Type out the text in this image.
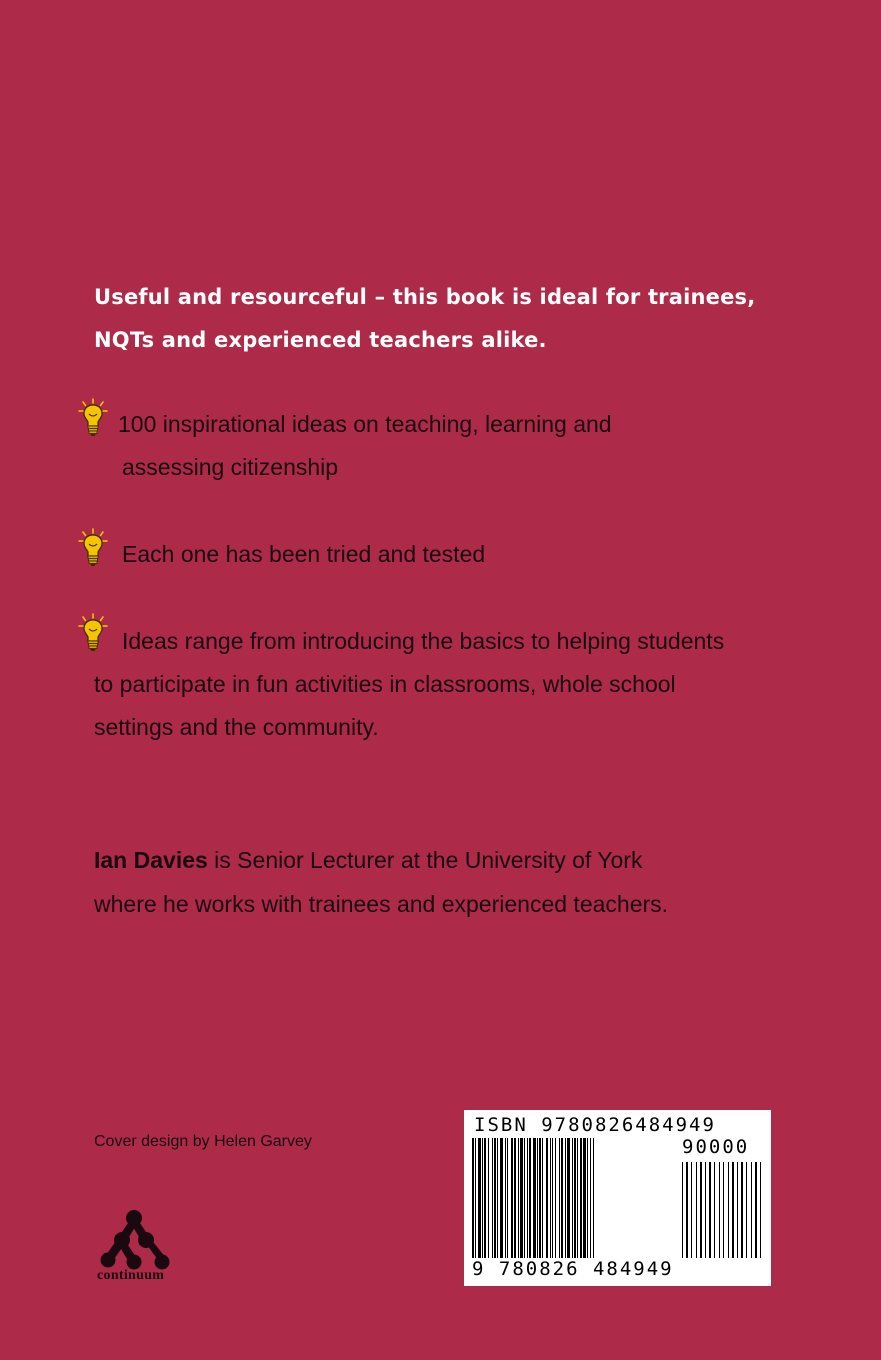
Useful and resourceful – this book is ideal for trainees,
NQTs and experienced teachers alike.
100 inspirational ideas on teaching, learning and
assessing citizenship
Each one has been tried and tested
Ideas range from introducing the basics to helping students
to participate in fun activities in classrooms, whole school
settings and the community.
Ian Davies is Senior Lecturer at the University of York
where he works with trainees and experienced teachers.
Cover design by Helen Garvey
continuum
ISBN 9780826484949
90000
9 780826 484949
